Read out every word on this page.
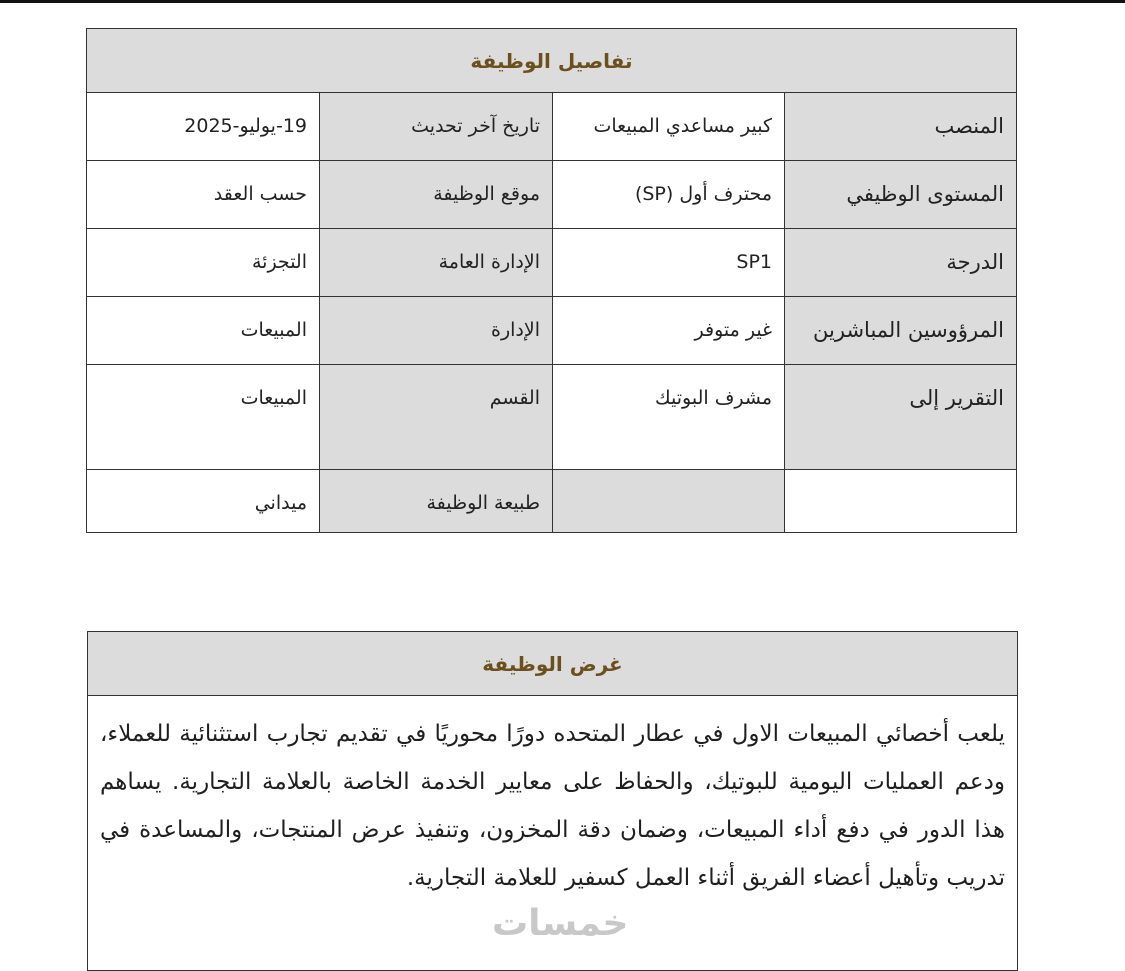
تفاصيل الوظيفة
المنصب
كبير مساعدي المبيعات
تاريخ آخر تحديث
19-يوليو-2025
المستوى الوظيفي
محترف أول (SP)
موقع الوظيفة
حسب العقد
الدرجة
SP1
الإدارة العامة
التجزئة
المرؤوسين المباشرين
غير متوفر
الإدارة
المبيعات
التقرير إلى
مشرف البوتيك
القسم
المبيعات
طبيعة الوظيفة
ميداني
غرض الوظيفة
يلعب أخصائي المبيعات الاول في عطار المتحده دورًا محوريًا في تقديم تجارب استثنائية للعملاء، ودعم العمليات اليومية للبوتيك، والحفاظ على معايير الخدمة الخاصة بالعلامة التجارية. يساهم هذا الدور في دفع أداء المبيعات، وضمان دقة المخزون، وتنفيذ عرض المنتجات، والمساعدة في تدريب وتأهيل أعضاء الفريق أثناء العمل كسفير للعلامة التجارية.
خمسات
